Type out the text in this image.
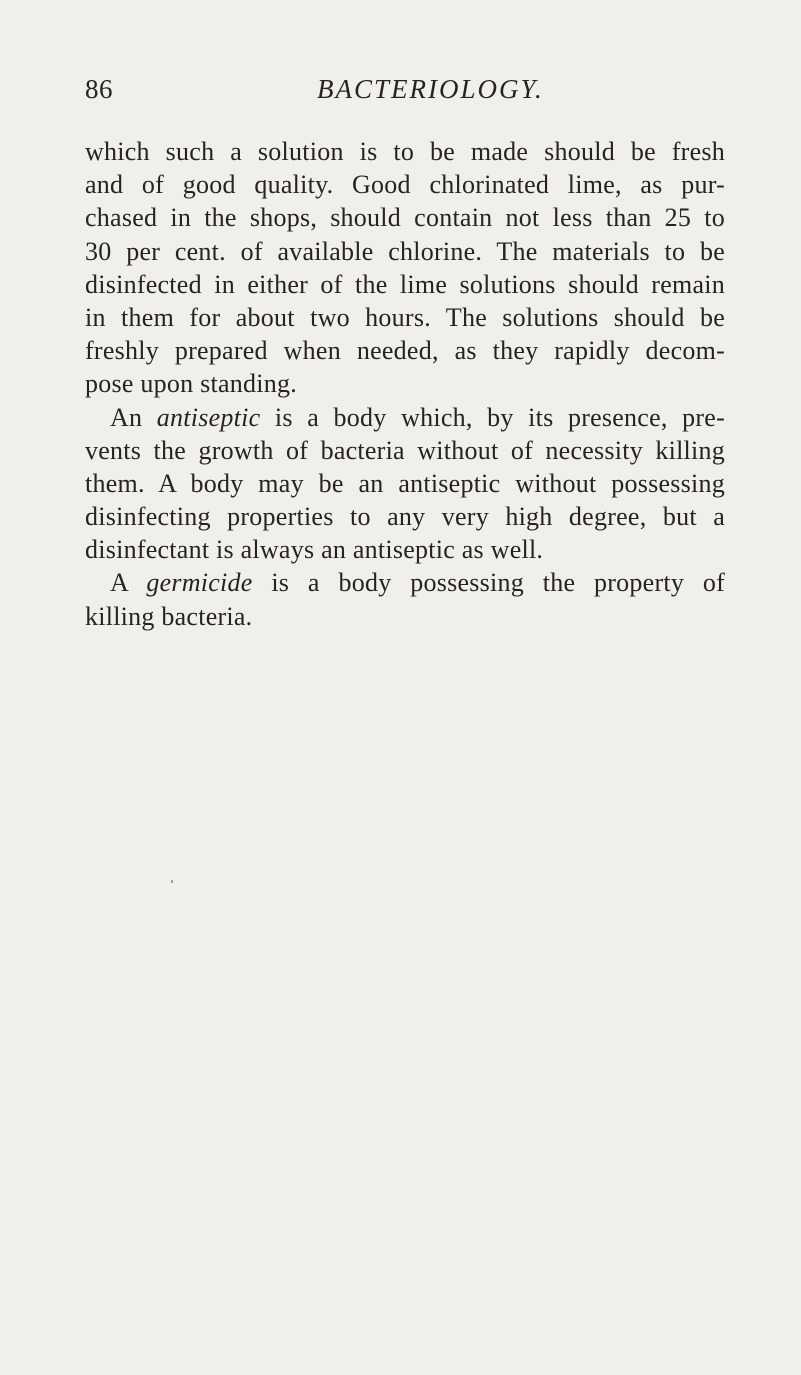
86	BACTERIOLOGY.
which such a solution is to be made should be fresh
and of good quality. Good chlorinated lime, as pur-
chased in the shops, should contain not less than 25 to
30 per cent. of available chlorine. The materials to be
disinfected in either of the lime solutions should remain
in them for about two hours. The solutions should be
freshly prepared when needed, as they rapidly decom-
pose upon standing.
An antiseptic is a body which, by its presence, pre-
vents the growth of bacteria without of necessity killing
them. A body may be an antiseptic without possessing
disinfecting properties to any very high degree, but a
disinfectant is always an antiseptic as well.
A germicide is a body possessing the property of
killing bacteria.
